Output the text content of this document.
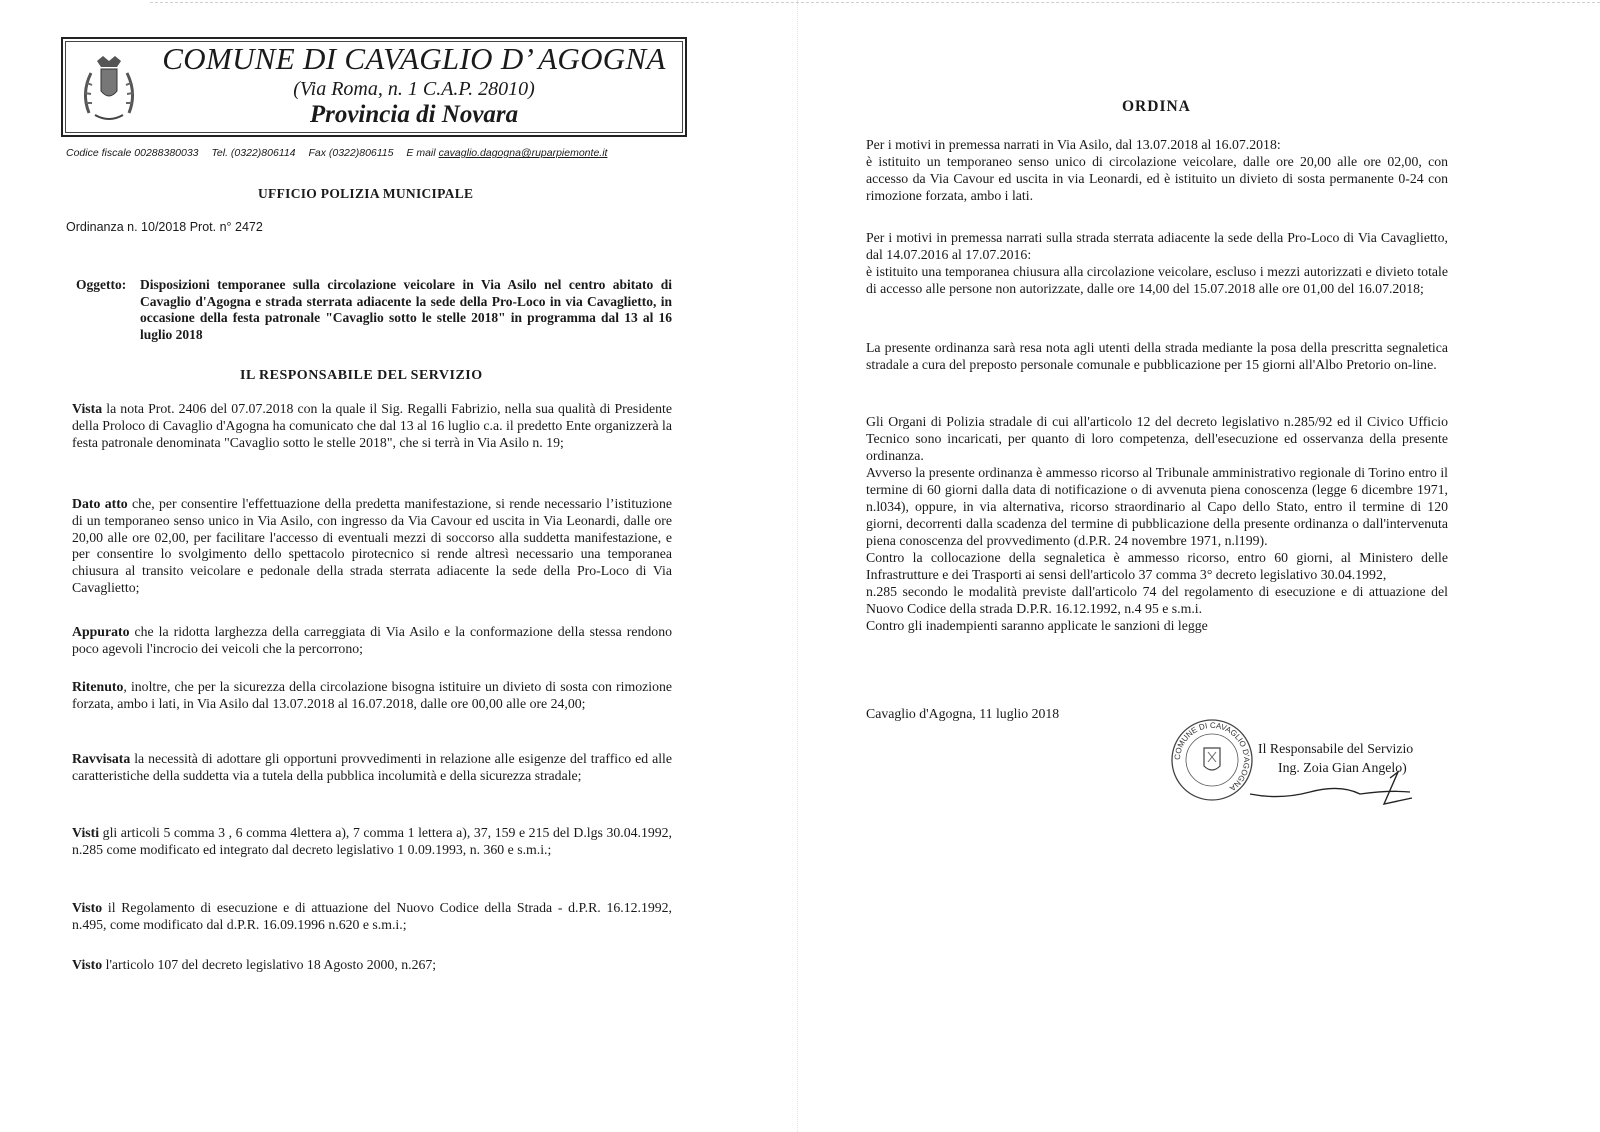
COMUNE DI CAVAGLIO D’ AGOGNA
(Via Roma, n. 1 C.A.P. 28010)
Provincia di Novara
Codice fiscale 00288380033 Tel. (0322)806114 Fax (0322)806115 E mail cavaglio.dagogna@ruparpiemonte.it
UFFICIO POLIZIA MUNICIPALE
Ordinanza n. 10/2018 Prot. n° 2472
Oggetto: Disposizioni temporanee sulla circolazione veicolare in Via Asilo nel centro abitato di Cavaglio d'Agogna e strada sterrata adiacente la sede della Pro-Loco in via Cavaglietto, in occasione della festa patronale "Cavaglio sotto le stelle 2018" in programma dal 13 al 16 luglio 2018
IL RESPONSABILE DEL SERVIZIO
Vista la nota Prot. 2406 del 07.07.2018 con la quale il Sig. Regalli Fabrizio, nella sua qualità di Presidente della Proloco di Cavaglio d'Agogna ha comunicato che dal 13 al 16 luglio c.a. il predetto Ente organizzerà la festa patronale denominata "Cavaglio sotto le stelle 2018", che si terrà in Via Asilo n. 19;
Dato atto che, per consentire l'effettuazione della predetta manifestazione, si rende necessario l’istituzione di un temporaneo senso unico in Via Asilo, con ingresso da Via Cavour ed uscita in Via Leonardi, dalle ore 20,00 alle ore 02,00, per facilitare l'accesso di eventuali mezzi di soccorso alla suddetta manifestazione, e per consentire lo svolgimento dello spettacolo pirotecnico si rende altresì necessario una temporanea chiusura al transito veicolare e pedonale della strada sterrata adiacente la sede della Pro-Loco di Via Cavaglietto;
Appurato che la ridotta larghezza della carreggiata di Via Asilo e la conformazione della stessa rendono poco agevoli l'incrocio dei veicoli che la percorrono;
Ritenuto, inoltre, che per la sicurezza della circolazione bisogna istituire un divieto di sosta con rimozione forzata, ambo i lati, in Via Asilo dal 13.07.2018 al 16.07.2018, dalle ore 00,00 alle ore 24,00;
Ravvisata la necessità di adottare gli opportuni provvedimenti in relazione alle esigenze del traffico ed alle caratteristiche della suddetta via a tutela della pubblica incolumità e della sicurezza stradale;
Visti gli articoli 5 comma 3 , 6 comma 4lettera a), 7 comma 1 lettera a), 37, 159 e 215 del D.lgs 30.04.1992, n.285 come modificato ed integrato dal decreto legislativo 1 0.09.1993, n. 360 e s.m.i.;
Visto il Regolamento di esecuzione e di attuazione del Nuovo Codice della Strada - d.P.R. 16.12.1992, n.495, come modificato dal d.P.R. 16.09.1996 n.620 e s.m.i.;
Visto l'articolo 107 del decreto legislativo 18 Agosto 2000, n.267;
ORDINA

Per i motivi in premessa narrati in Via Asilo, dal 13.07.2018 al 16.07.2018:

è istituito un temporaneo senso unico di circolazione veicolare, dalle ore 20,00 alle ore 02,00, con accesso da Via Cavour ed uscita in via Leonardi, ed è istituito un divieto di sosta permanente 0-24 con rimozione forzata, ambo i lati.

Per i motivi in premessa narrati sulla strada sterrata adiacente la sede della Pro-Loco di Via Cavaglietto, dal 14.07.2016 al 17.07.2016:

è istituito una temporanea chiusura alla circolazione veicolare, escluso i mezzi autorizzati e divieto totale di accesso alle persone non autorizzate, dalle ore 14,00 del 15.07.2018 alle ore 01,00 del 16.07.2018;

La presente ordinanza sarà resa nota agli utenti della strada mediante la posa della prescritta segnaletica stradale a cura del preposto personale comunale e pubblicazione per 15 giorni all'Albo Pretorio on-line.

Gli Organi di Polizia stradale di cui all'articolo 12 del decreto legislativo n.285/92 ed il Civico Ufficio Tecnico sono incaricati, per quanto di loro competenza, dell'esecuzione ed osservanza della presente ordinanza.

Avverso la presente ordinanza è ammesso ricorso al Tribunale amministrativo regionale di Torino entro il termine di 60 giorni dalla data di notificazione o di avvenuta piena conoscenza (legge 6 dicembre 1971, n.l034), oppure, in via alternativa, ricorso straordinario al Capo dello Stato, entro il termine di 120 giorni, decorrenti dalla scadenza del termine di pubblicazione della presente ordinanza o dall'intervenuta piena conoscenza del provvedimento (d.P.R. 24 novembre 1971, n.l199).

Contro la collocazione della segnaletica è ammesso ricorso, entro 60 giorni, al Ministero delle Infrastrutture e dei Trasporti ai sensi dell'articolo 37 comma 3° decreto legislativo 30.04.1992,

n.285 secondo le modalità previste dall'articolo 74 del regolamento di esecuzione e di attuazione del Nuovo Codice della strada D.P.R. 16.12.1992, n.4 95 e s.m.i.

Contro gli inadempienti saranno applicate le sanzioni di legge

Cavaglio d'Agogna, 11 luglio 2018
COMUNE DI CAVAGLIO D'AGOGNA
Il Responsabile del Servizio
Ing. Zoia Gian Angelo)
